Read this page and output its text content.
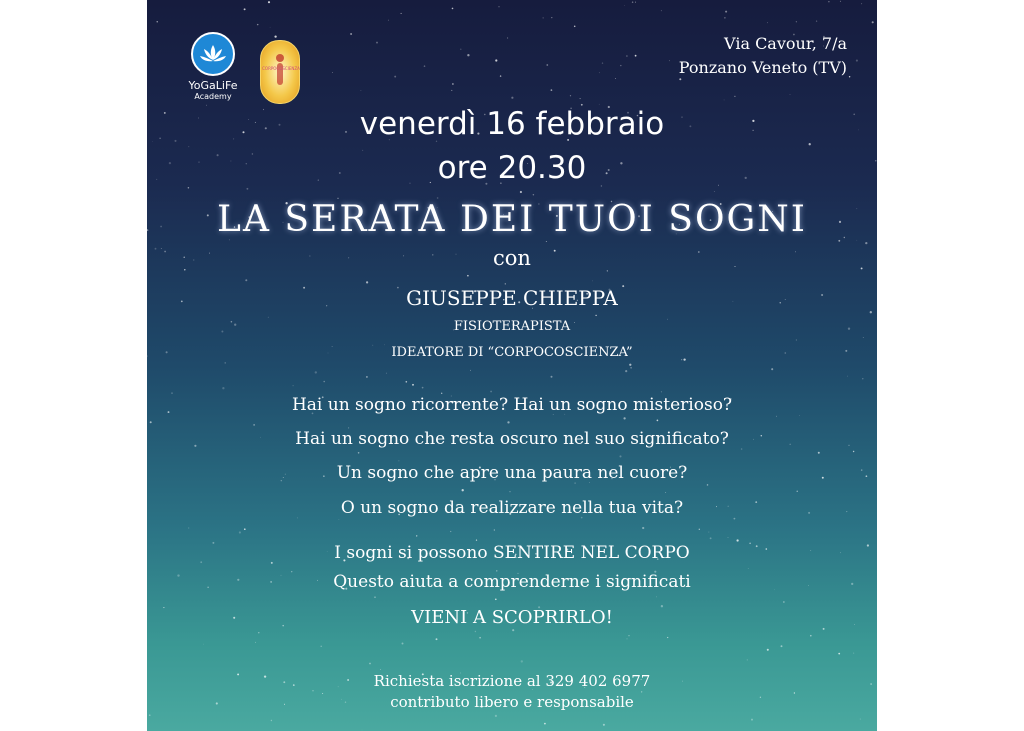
YoGaLiFe
Academy
CORPOCOSCIENZA
Via Cavour, 7/a
Ponzano Veneto (TV)
venerdì 16 febbraio
ore 20.30
LA SERATA DEI TUOI SOGNI
con
GIUSEPPE CHIEPPA
FISIOTERAPISTA
IDEATORE DI “CORPOCOSCIENZA”
Hai un sogno ricorrente? Hai un sogno misterioso?
Hai un sogno che resta oscuro nel suo significato?
Un sogno che apre una paura nel cuore?
O un sogno da realizzare nella tua vita?
I sogni si possono SENTIRE NEL CORPO
Questo aiuta a comprenderne i significati
VIENI A SCOPRIRLO!
Richiesta iscrizione al 329 402 6977
contributo libero e responsabile
